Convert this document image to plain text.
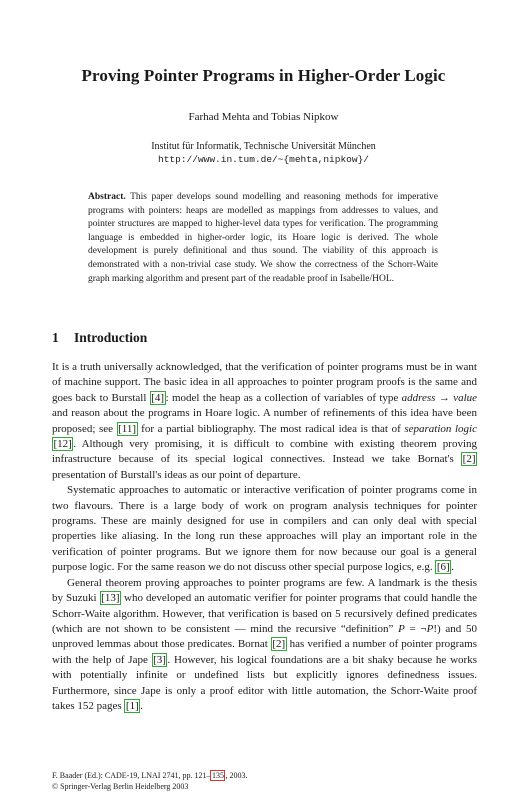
Proving Pointer Programs in Higher-Order Logic
Farhad Mehta and Tobias Nipkow
Institut für Informatik, Technische Universität München
http://www.in.tum.de/~{mehta,nipkow}/
Abstract. This paper develops sound modelling and reasoning methods for imperative programs with pointers: heaps are modelled as mappings from addresses to values, and pointer structures are mapped to higher-level data types for verification. The programming language is embedded in higher-order logic, its Hoare logic is derived. The whole development is purely definitional and thus sound. The viability of this approach is demonstrated with a non-trivial case study. We show the correctness of the Schorr-Waite graph marking algorithm and present part of the readable proof in Isabelle/HOL.
1 Introduction

It is a truth universally acknowledged, that the verification of pointer programs must be in want of machine support. The basic idea in all approaches to pointer program proofs is the same and goes back to Burstall [4] : model the heap as a collection of variables of type address → value and reason about the programs in Hoare logic. A number of refinements of this idea have been proposed; see [11] for a partial bibliography. The most radical idea is that of separation logic [12] . Although very promising, it is difficult to combine with existing theorem proving infrastructure because of its special logical connectives. Instead we take Bornat's [2] presentation of Burstall's ideas as our point of departure.

Systematic approaches to automatic or interactive verification of pointer programs come in two flavours. There is a large body of work on program analysis techniques for pointer programs. These are mainly designed for use in compilers and can only deal with special properties like aliasing. In the long run these approaches will play an important role in the verification of pointer programs. But we ignore them for now because our goal is a general purpose logic. For the same reason we do not discuss other special purpose logics, e.g. [6] .

General theorem proving approaches to pointer programs are few. A landmark is the thesis by Suzuki [13] who developed an automatic verifier for pointer programs that could handle the Schorr-Waite algorithm. However, that verification is based on 5 recursively defined predicates (which are not shown to be consistent — mind the recursive “definition” P = ¬P!) and 50 unproved lemmas about those predicates. Bornat [2] has verified a number of pointer programs with the help of Jape [3] . However, his logical foundations are a bit shaky because he works with potentially infinite or undefined lists but explicitly ignores definedness issues. Furthermore, since Jape is only a proof editor with little automation, the Schorr-Waite proof takes 152 pages [1] .

F. Baader (Ed.): CADE-19, LNAI 2741, pp. 121– 135 , 2003.
© Springer-Verlag Berlin Heidelberg 2003
